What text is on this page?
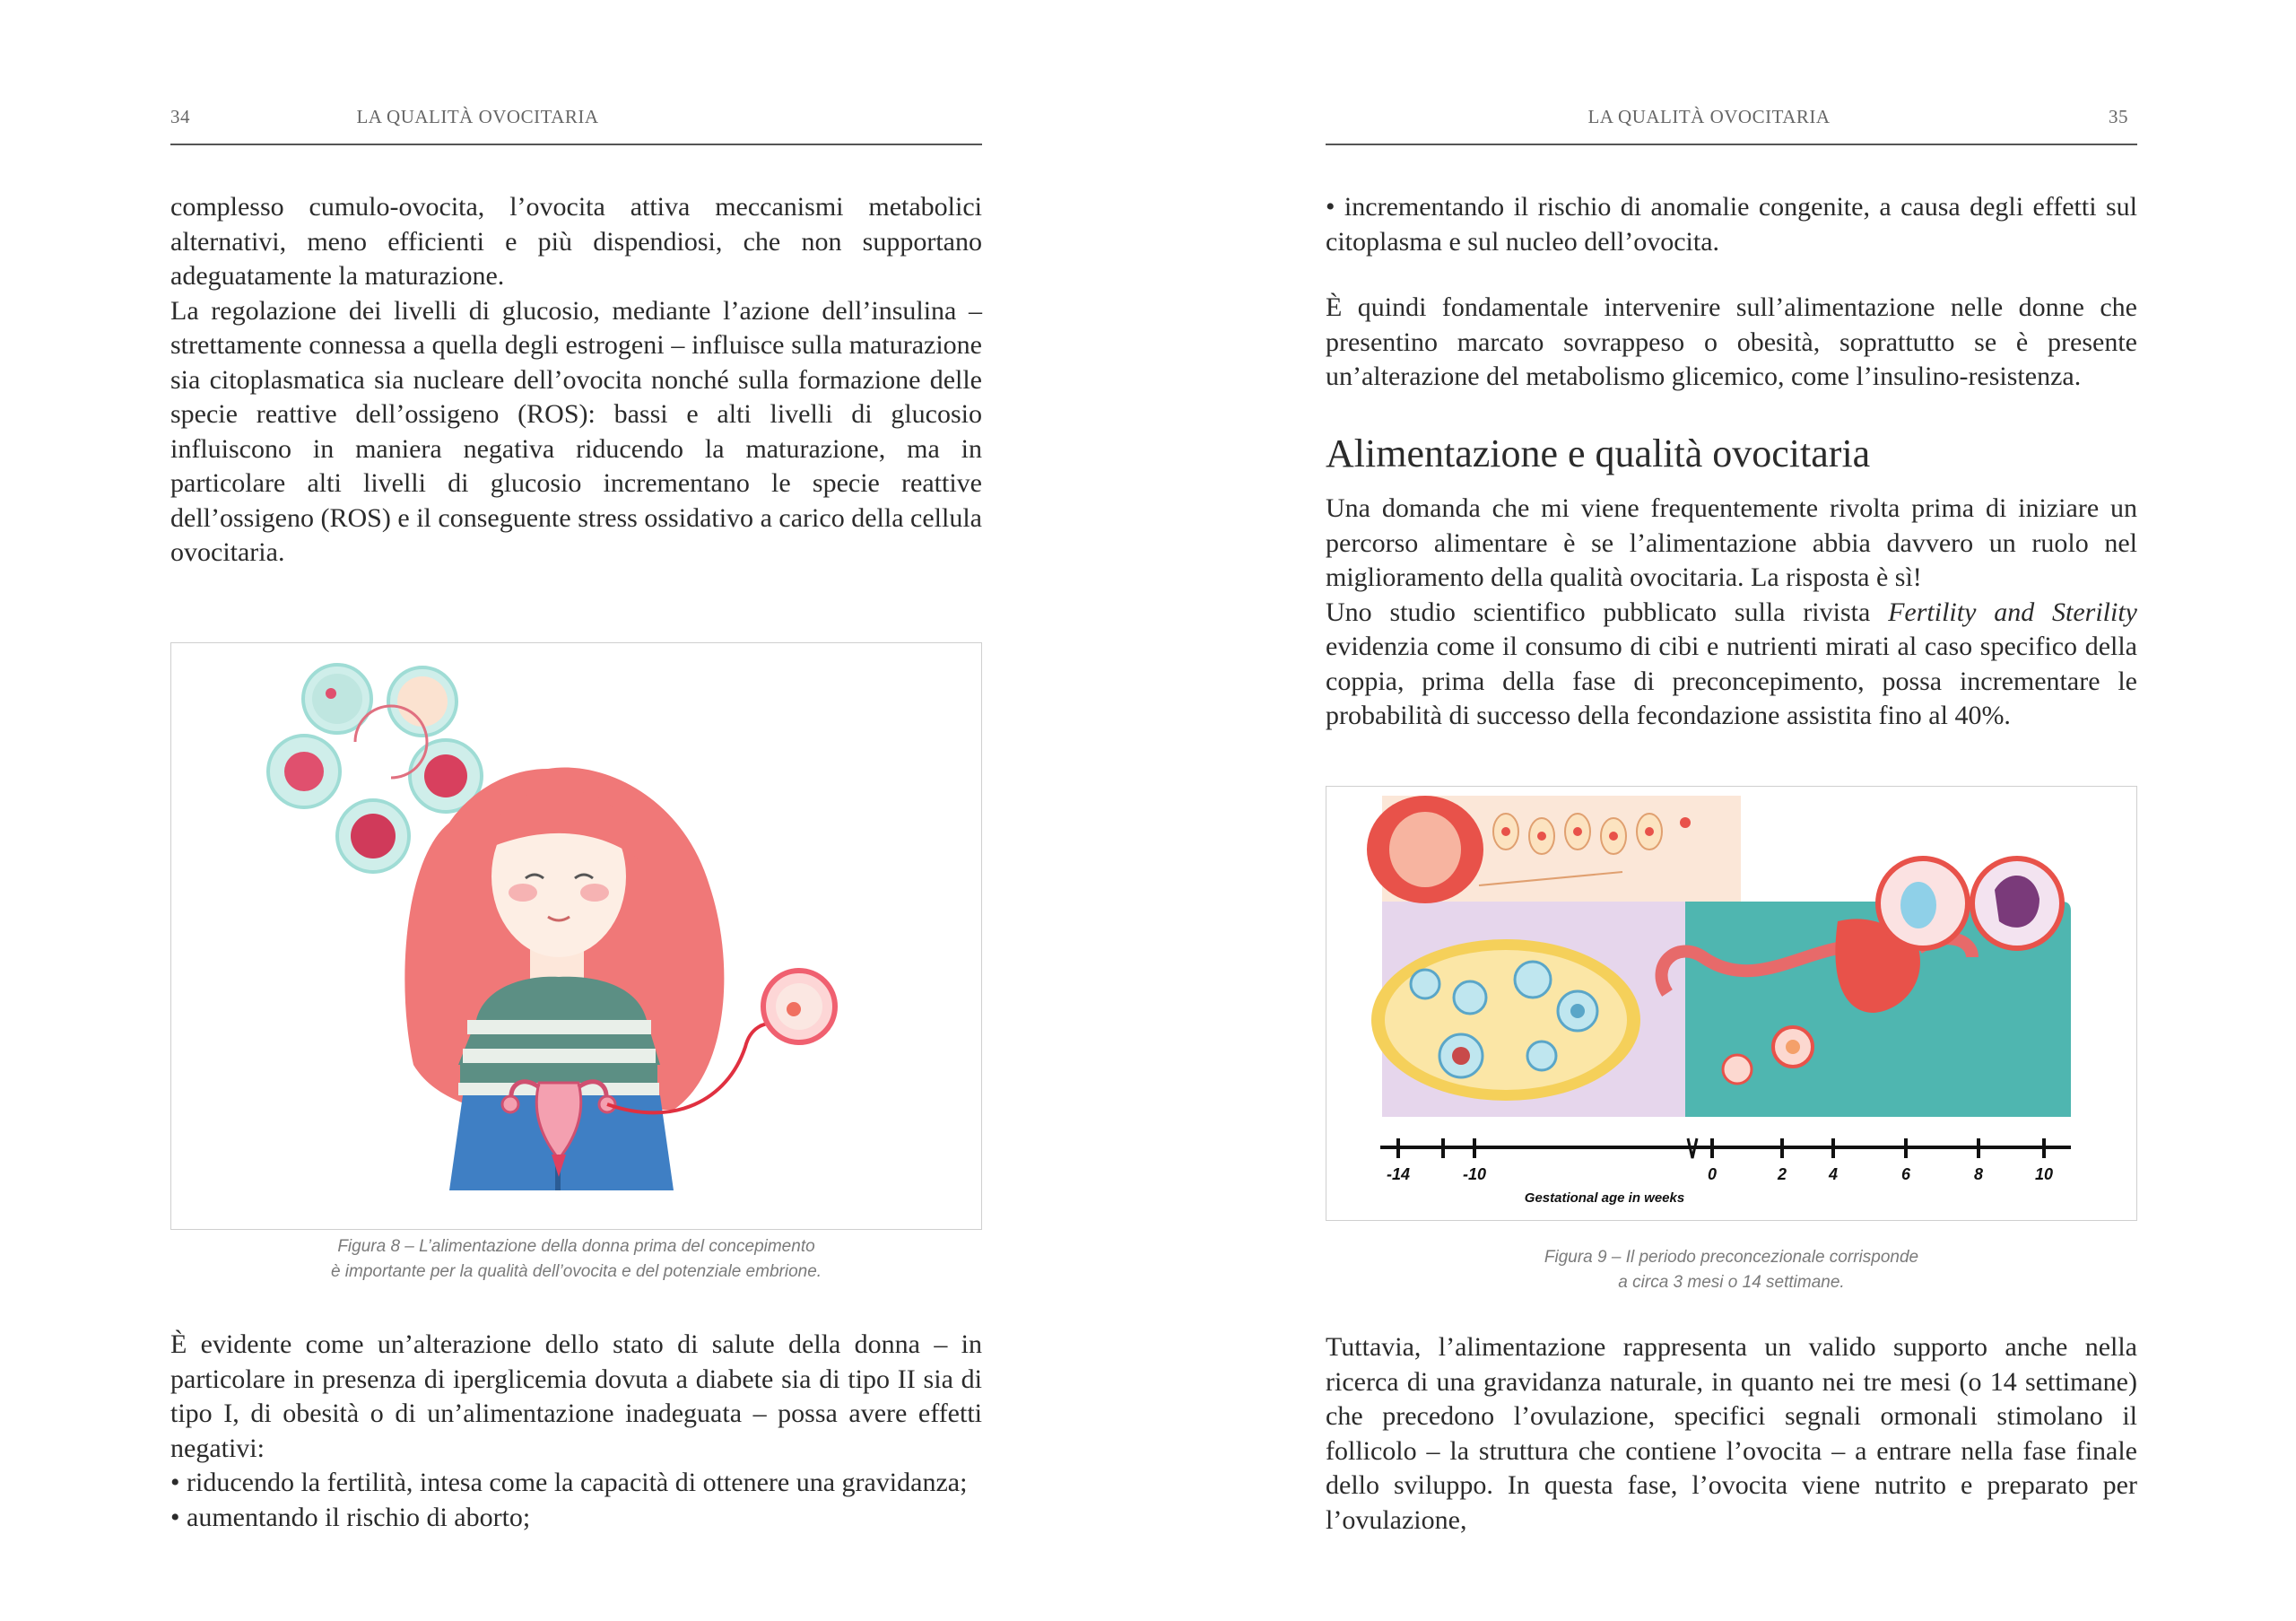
34	LA QUALITÀ OVOCITARIA

complesso cumulo-ovocita, l’ovocita attiva meccanismi metabolici alternativi, meno efficienti e più dispendiosi, che non supportano adeguatamente la maturazione.

La regolazione dei livelli di glucosio, mediante l’azione dell’insulina – strettamente connessa a quella degli estrogeni – influisce sulla maturazione sia citoplasmatica sia nucleare dell’ovocita nonché sulla formazione delle specie reattive dell’ossigeno (ROS): bassi e alti livelli di glucosio influiscono in maniera negativa riducendo la maturazione, ma in particolare alti livelli di glucosio incrementano le specie reattive dell’ossigeno (ROS) e il conseguente stress ossidativo a carico della cellula ovocitaria.

Figura 8 – L’alimentazione della donna prima del concepimento
è importante per la qualità dell’ovocita e del potenziale embrione.

È evidente come un’alterazione dello stato di salute della donna – in particolare in presenza di iperglicemia dovuta a diabete sia di tipo II sia di tipo I, di obesità o di un’alimentazione inadeguata – possa avere effetti negativi:

• riducendo la fertilità, intesa come la capacità di ottenere una gravidanza;

• aumentando il rischio di aborto;

LA QUALITÀ OVOCITARIA	35

• incrementando il rischio di anomalie congenite, a causa degli effetti sul citoplasma e sul nucleo dell’ovocita.

È quindi fondamentale intervenire sull’alimentazione nelle donne che presentino marcato sovrappeso o obesità, soprattutto se è presente un’alterazione del metabolismo glicemico, come l’insulino-resistenza.

Alimentazione e qualità ovocitaria

Una domanda che mi viene frequentemente rivolta prima di iniziare un percorso alimentare è se l’alimentazione abbia davvero un ruolo nel miglioramento della qualità ovocitaria. La risposta è sì!

Uno studio scientifico pubblicato sulla rivista Fertility and Sterility evidenzia come il consumo di cibi e nutrienti mirati al caso specifico della coppia, prima della fase di preconcepimento, possa incrementare le probabilità di successo della fecondazione assistita fino al 40%.

-14	-10	0	2	4	6	8	10
Gestational age in weeks
Figura 9 – Il periodo preconcezionale corrisponde
a circa 3 mesi o 14 settimane.

Tuttavia, l’alimentazione rappresenta un valido supporto anche nella ricerca di una gravidanza naturale, in quanto nei tre mesi (o 14 settimane) che precedono l’ovulazione, specifici segnali ormonali stimolano il follicolo – la struttura che contiene l’ovocita – a entrare nella fase finale dello sviluppo. In questa fase, l’ovocita viene nutrito e preparato per l’ovulazione,
